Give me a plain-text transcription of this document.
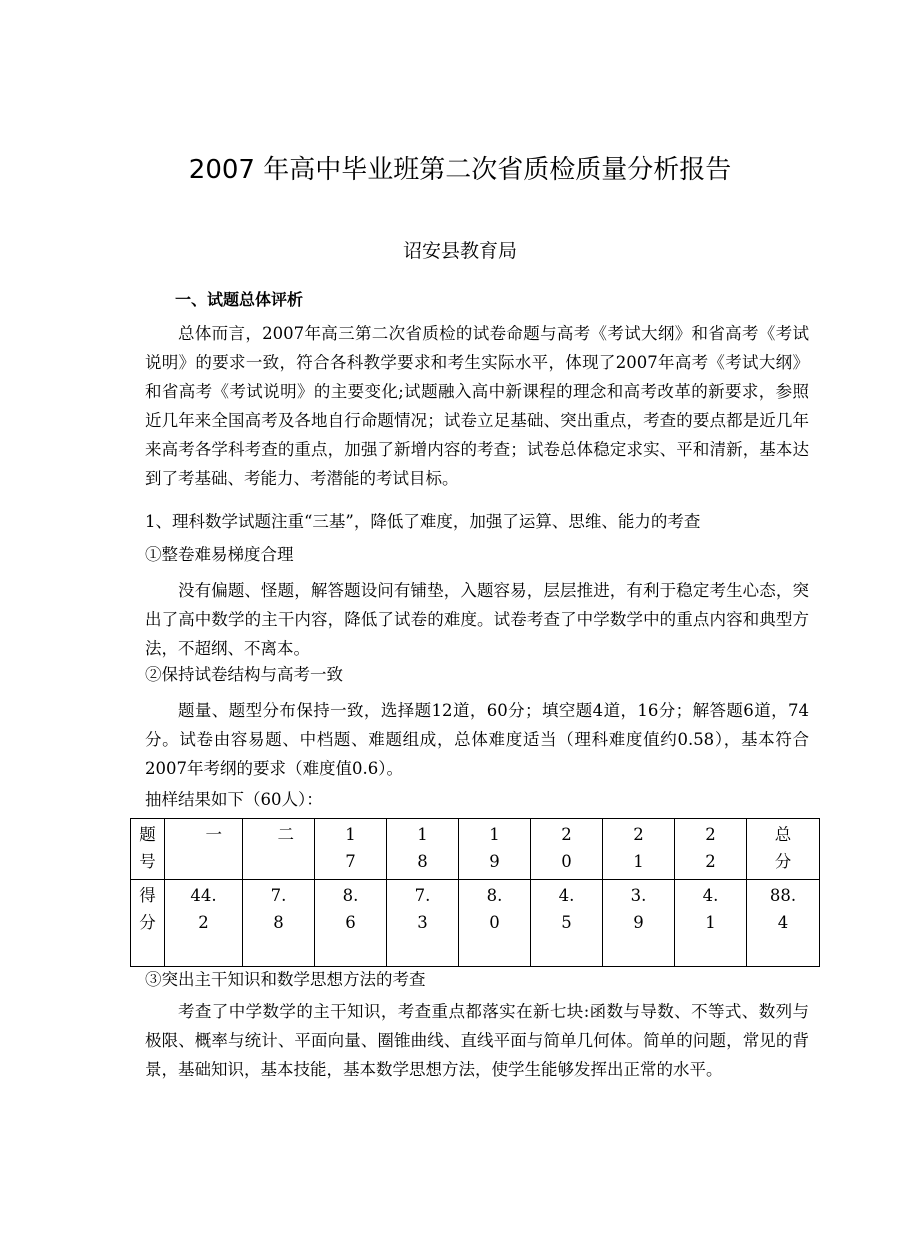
2007 年高中毕业班第二次省质检质量分析报告
诏安县教育局
一、试题总体评析
总体而言，2007年高三第二次省质检的试卷命题与高考《考试大纲》和省高考《考试说明》的要求一致，符合各科教学要求和考生实际水平，体现了2007年高考《考试大纲》和省高考《考试说明》的主要变化;试题融入高中新课程的理念和高考改革的新要求，参照近几年来全国高考及各地自行命题情况；试卷立足基础、突出重点，考查的要点都是近几年来高考各学科考查的重点，加强了新增内容的考查；试卷总体稳定求实、平和清新，基本达到了考基础、考能力、考潜能的考试目标。
1、理科数学试题注重“三基”，降低了难度，加强了运算、思维、能力的考查
①整卷难易梯度合理
没有偏题、怪题，解答题设问有铺垫，入题容易，层层推进，有利于稳定考生心态，突出了高中数学的主干内容，降低了试卷的难度。试卷考查了中学数学中的重点内容和典型方法，不超纲、不离本。
②保持试卷结构与高考一致
题量、题型分布保持一致，选择题12道，60分；填空题4道，16分；解答题6道，74分。试卷由容易题、中档题、难题组成，总体难度适当（理科难度值约0.58），基本符合2007年考纲的要求（难度值0.6）。
抽样结果如下（60人）：
题号	一	二	17	18	19	20	21	22	总分
得分	44.2	7.8	8.6	7.3	8.0	4.5	3.9	4.1	88.4
③突出主干知识和数学思想方法的考查
考查了中学数学的主干知识，考查重点都落实在新七块:函数与导数、不等式、数列与极限、概率与统计、平面向量、圈锥曲线、直线平面与简单几何体。简单的问题，常见的背景，基础知识，基本技能，基本数学思想方法，使学生能够发挥出正常的水平。
